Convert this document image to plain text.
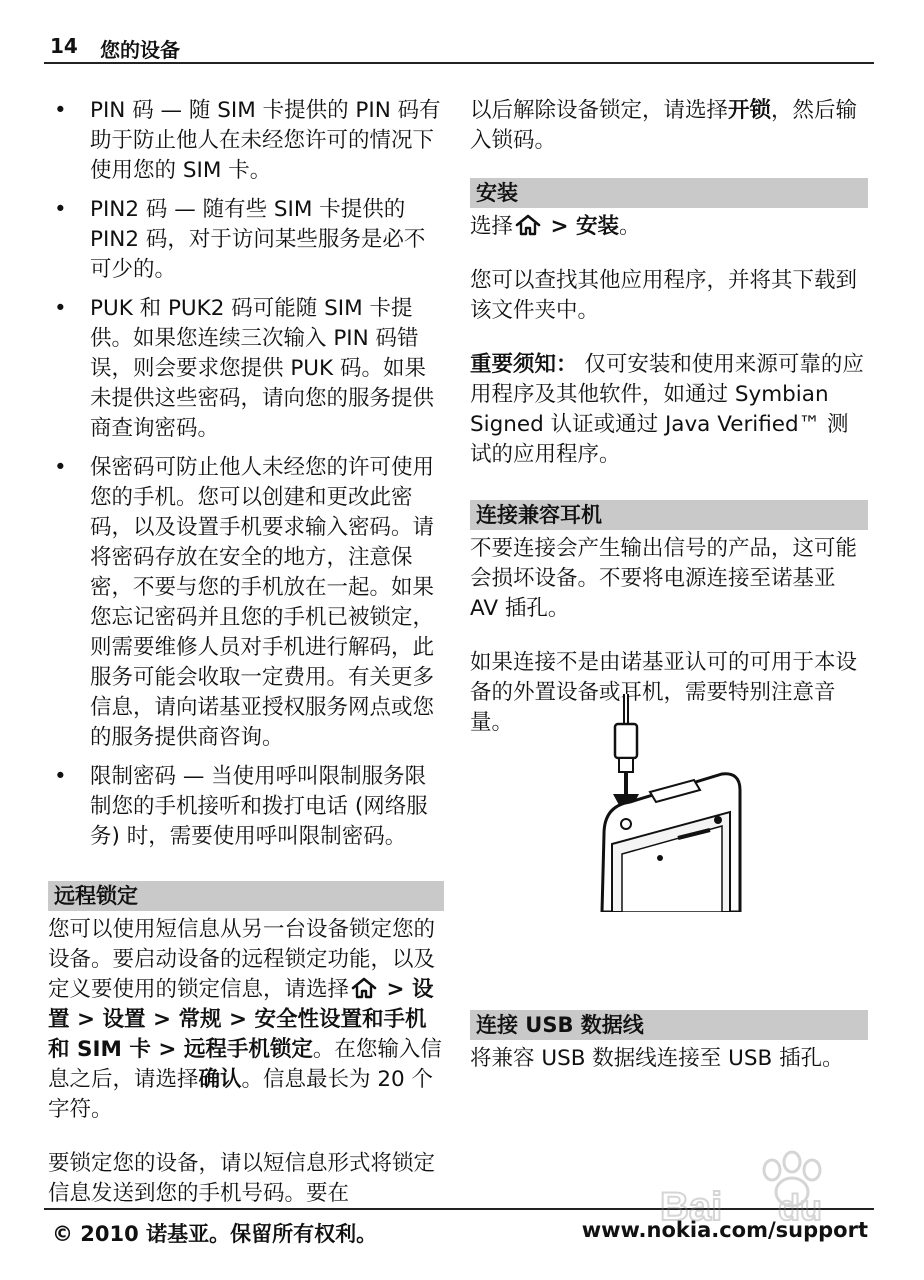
14 您的设备
• PIN 码 — 随 SIM 卡提供的 PIN 码有助于防止他人在未经您许可的情况下使用您的 SIM 卡。
• PIN2 码 — 随有些 SIM 卡提供的 PIN2 码，对于访问某些服务是必不可少的。
• PUK 和 PUK2 码可能随 SIM 卡提供。如果您连续三次输入 PIN 码错误，则会要求您提供 PUK 码。如果未提供这些密码，请向您的服务提供商查询密码。
• 保密码可防止他人未经您的许可使用您的手机。您可以创建和更改此密码，以及设置手机要求输入密码。请将密码存放在安全的地方，注意保密，不要与您的手机放在一起。如果您忘记密码并且您的手机已被锁定，则需要维修人员对手机进行解码，此服务可能会收取一定费用。有关更多信息，请向诺基亚授权服务网点或您的服务提供商咨询。
• 限制密码 — 当使用呼叫限制服务限制您的手机接听和拨打电话 (网络服务) 时，需要使用呼叫限制密码。
远程锁定

您可以使用短信息从另一台设备锁定您的设备。要启动设备的远程锁定功能，以及定义要使用的锁定信息，请选择 > 设置 > 设置 > 常规 > 安全性设置和手机和 SIM 卡 > 远程手机锁定。在您输入信息之后，请选择确认。信息最长为 20 个字符。

要锁定您的设备，请以短信息形式将锁定信息发送到您的手机号码。要在

以后解除设备锁定，请选择开锁，然后输入锁码。

安装

选择 > 安装。

您可以查找其他应用程序，并将其下载到该文件夹中。

重要须知： 仅可安装和使用来源可靠的应用程序及其他软件，如通过 Symbian Signed 认证或通过 Java Verified™ 测试的应用程序。

连接兼容耳机

不要连接会产生输出信号的产品，这可能会损坏设备。不要将电源连接至诺基亚 AV 插孔。

如果连接不是由诺基亚认可的可用于本设备的外置设备或耳机，需要特别注意音量。

连接 USB 数据线

将兼容 USB 数据线连接至 USB 插孔。

© 2010 诺基亚。保留所有权利。	www.nokia.com/support
Bai du
